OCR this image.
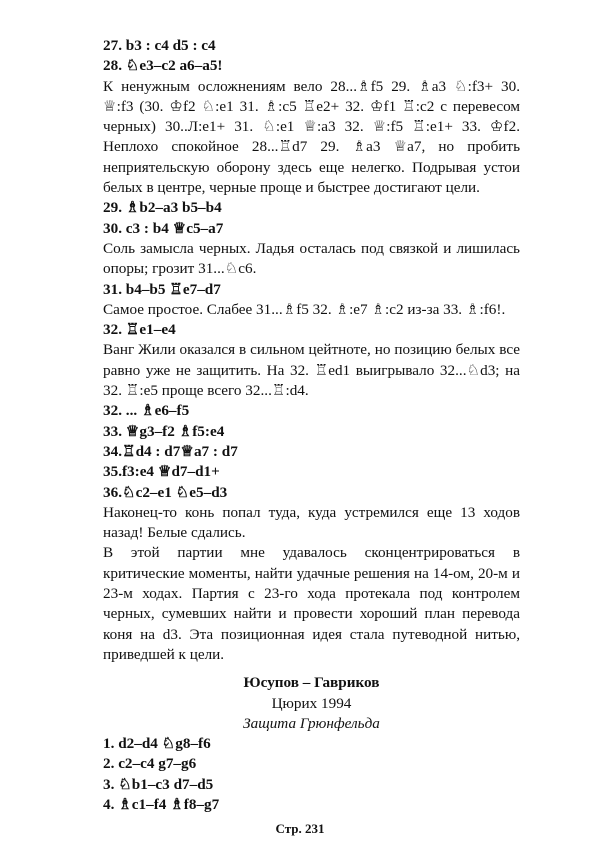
27. b3 : c4 d5 : c4
28. ♘e3–c2 a6–a5!
К ненужным осложнениям вело 28...♗f5 29. ♗a3 ♘:f3+ 30. ♕:f3 (30. ♔f2 ♘:e1 31. ♗:c5 ♖e2+ 32. ♔f1 ♖:c2 с перевесом черных) 30..Л:e1+ 31. ♘:e1 ♕:a3 32. ♕:f5 ♖:e1+ 33. ♔f2. Неплохо спокойное 28...♖d7 29. ♗a3 ♕a7, но пробить неприятельскую оборону здесь еще нелегко. Подрывая устои белых в центре, черные проще и быстрее достигают цели.
29. ♗b2–a3 b5–b4
30. c3 : b4 ♕c5–a7
Соль замысла черных. Ладья осталась под связкой и лишилась опоры; грозит 31...♘c6.
31. b4–b5 ♖e7–d7
Самое простое. Слабее 31...♗f5 32. ♗:e7 ♗:c2 из-за 33. ♗:f6!.
32. ♖e1–e4
Ванг Жили оказался в сильном цейтноте, но позицию белых все равно уже не защитить. На 32. ♖ed1 выигрывало 32...♘d3; на 32. ♖:e5 проще всего 32...♖:d4.
32. ... ♗e6–f5
33. ♕g3–f2 ♗f5:e4
34.♖d4 : d7♕a7 : d7
35.f3:e4 ♕d7–d1+
36.♘c2–e1 ♘e5–d3
Наконец-то конь попал туда, куда устремился еще 13 ходов назад! Белые сдались.
В этой партии мне удавалось сконцентрироваться в критические моменты, найти удачные решения на 14-ом, 20-м и 23-м ходах. Партия с 23-го хода протекала под контролем черных, сумевших найти и провести хороший план перевода коня на d3. Эта позиционная идея стала путеводной нитью, приведшей к цели.
Юсупов – Гавриков
Цюрих 1994
Защита Грюнфельда
1. d2–d4 ♘g8–f6
2. c2–c4 g7–g6
3. ♘b1–c3 d7–d5
4. ♗c1–f4 ♗f8–g7
Стр. 231
